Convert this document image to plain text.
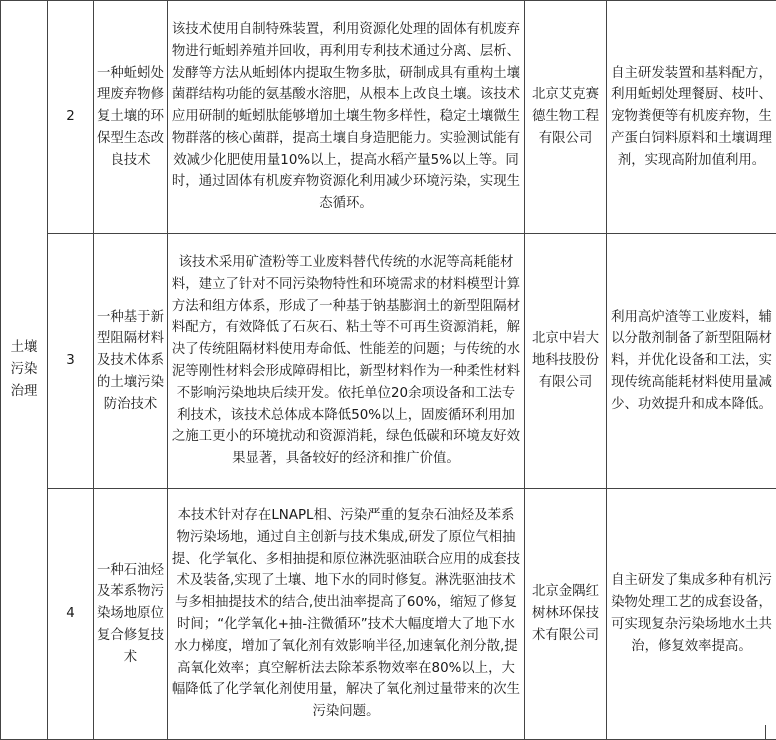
土壤污染治理	2	一种蚯蚓处理废弃物修复土壤的环保型生态改良技术	该技术使用自制特殊装置，利用资源化处理的固体有机废弃物进行蚯蚓养殖并回收，再利用专利技术通过分离、层析、发酵等方法从蚯蚓体内提取生物多肽，研制成具有重构土壤菌群结构功能的氨基酸水溶肥，从根本上改良土壤。该技术应用研制的蚯蚓肽能够增加土壤生物多样性，稳定土壤微生物群落的核心菌群，提高土壤自身造肥能力。实验测试能有效减少化肥使用量10%以上，提高水稻产量5%以上等。同时，通过固体有机废弃物资源化利用减少环境污染，实现生态循环。	北京艾克赛德生物工程有限公司	自主研发装置和基料配方，利用蚯蚓处理餐厨、枝叶、宠物粪便等有机废弃物，生产蛋白饲料原料和土壤调理剂，实现高附加值利用。
	3	一种基于新型阻隔材料及技术体系的土壤污染防治技术	该技术采用矿渣粉等工业废料替代传统的水泥等高耗能材料，建立了针对不同污染物特性和环境需求的材料模型计算方法和组方体系，形成了一种基于钠基膨润土的新型阻隔材料配方，有效降低了石灰石、粘土等不可再生资源消耗，解决了传统阻隔材料使用寿命低、性能差的问题；与传统的水泥等刚性材料会形成障碍相比，新型材料作为一种柔性材料不影响污染地块后续开发。依托单位20余项设备和工法专利技术，该技术总体成本降低50%以上，固废循环利用加之施工更小的环境扰动和资源消耗，绿色低碳和环境友好效果显著，具备较好的经济和推广价值。	北京中岩大地科技股份有限公司	利用高炉渣等工业废料，辅以分散剂制备了新型阻隔材料，并优化设备和工法，实现传统高能耗材料使用量减少、功效提升和成本降低。
	4	一种石油烃及苯系物污染场地原位复合修复技术	本技术针对存在LNAPL相、污染严重的复杂石油烃及苯系物污染场地，通过自主创新与技术集成,研发了原位气相抽提、化学氧化、多相抽提和原位淋洗驱油联合应用的成套技术及装备,实现了土壤、地下水的同时修复。淋洗驱油技术与多相抽提技术的结合,使出油率提高了60%，缩短了修复时间；“化学氧化+抽-注微循环”技术大幅度增大了地下水水力梯度，增加了氧化剂有效影响半径,加速氧化剂分散,提高氧化效率；真空解析法去除苯系物效率在80%以上，大幅降低了化学氧化剂使用量，解决了氧化剂过量带来的次生污染问题。	北京金隅红树林环保技术有限公司	自主研发了集成多种有机污染物处理工艺的成套设备，可实现复杂污染场地水土共治，修复效率提高。
